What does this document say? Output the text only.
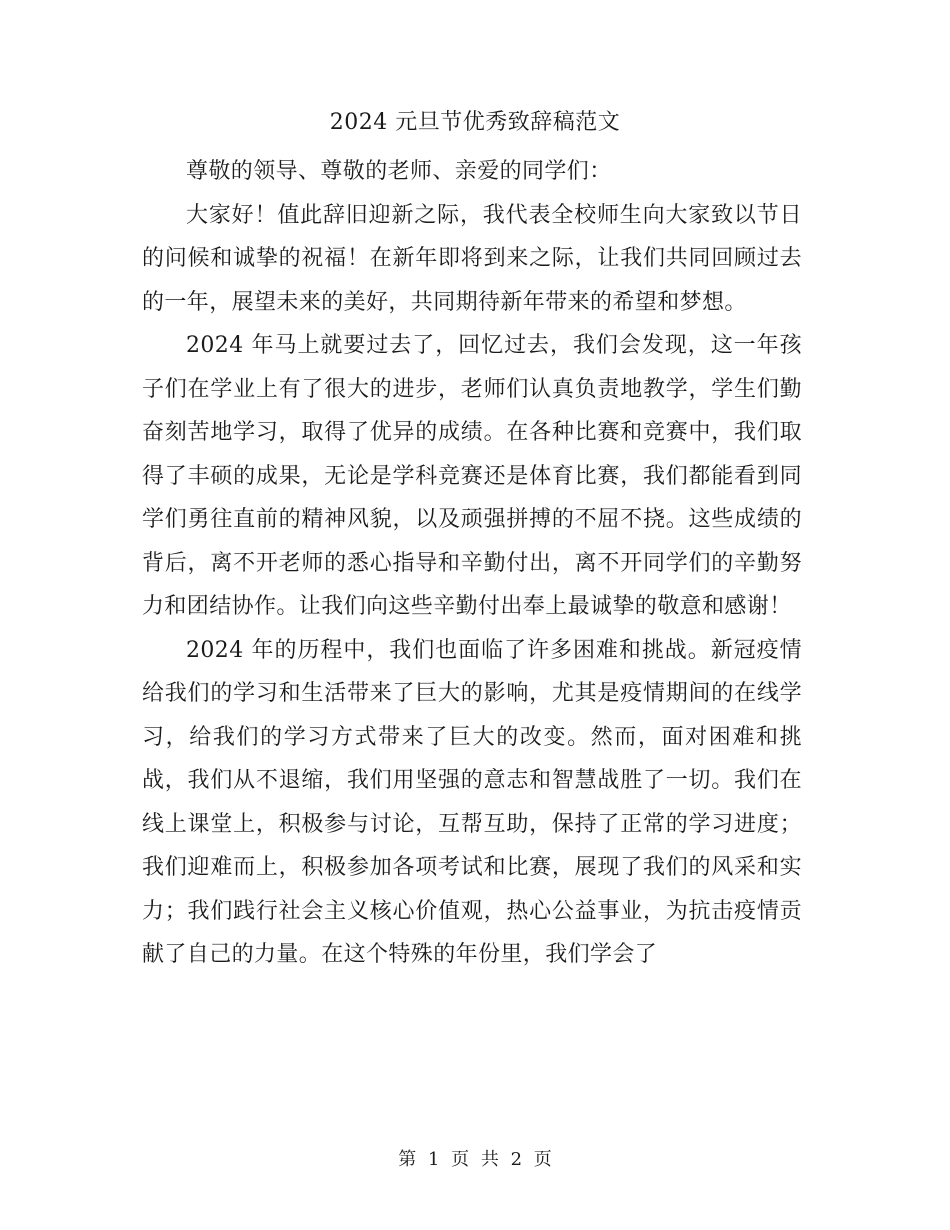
2024 元旦节优秀致辞稿范文

尊敬的领导、尊敬的老师、亲爱的同学们：

大家好！值此辞旧迎新之际，我代表全校师生向大家致以节日的问候和诚挚的祝福！在新年即将到来之际，让我们共同回顾过去的一年，展望未来的美好，共同期待新年带来的希望和梦想。

2024 年马上就要过去了，回忆过去，我们会发现，这一年孩子们在学业上有了很大的进步，老师们认真负责地教学，学生们勤奋刻苦地学习，取得了优异的成绩。在各种比赛和竞赛中，我们取得了丰硕的成果，无论是学科竞赛还是体育比赛，我们都能看到同学们勇往直前的精神风貌，以及顽强拼搏的不屈不挠。这些成绩的背后，离不开老师的悉心指导和辛勤付出，离不开同学们的辛勤努力和团结协作。让我们向这些辛勤付出奉上最诚挚的敬意和感谢！

2024 年的历程中，我们也面临了许多困难和挑战。新冠疫情给我们的学习和生活带来了巨大的影响，尤其是疫情期间的在线学习，给我们的学习方式带来了巨大的改变。然而，面对困难和挑战，我们从不退缩，我们用坚强的意志和智慧战胜了一切。我们在线上课堂上，积极参与讨论，互帮互助，保持了正常的学习进度；我们迎难而上，积极参加各项考试和比赛，展现了我们的风采和实力；我们践行社会主义核心价值观，热心公益事业，为抗击疫情贡献了自己的力量。在这个特殊的年份里，我们学会了

第 1 页 共 2 页
